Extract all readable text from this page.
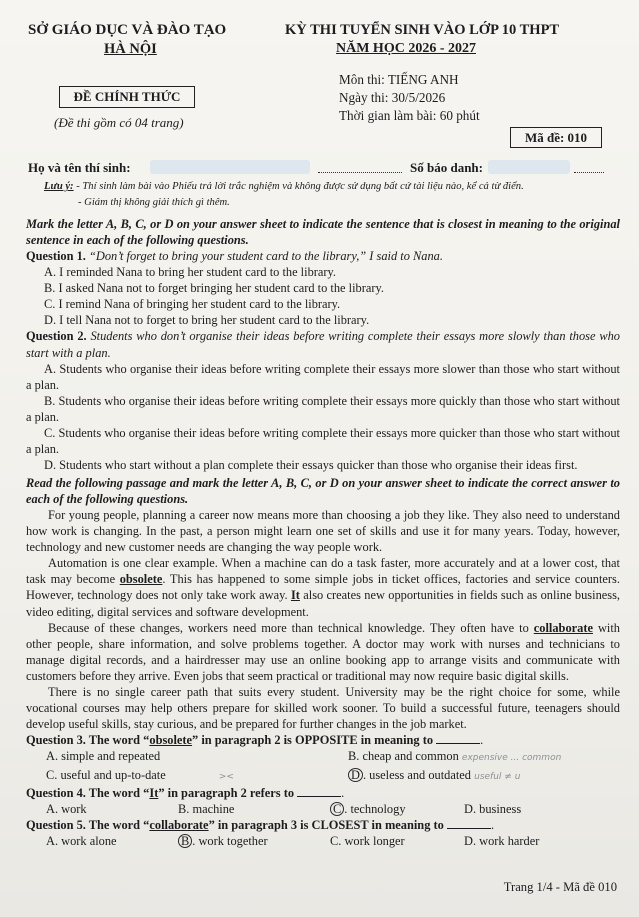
SỞ GIÁO DỤC VÀ ĐÀO TẠO
HÀ NỘI
KỲ THI TUYỂN SINH VÀO LỚP 10 THPT
NĂM HỌC 2026 - 2027
ĐỀ CHÍNH THỨC
(Đề thi gồm có 04 trang)
Môn thi: TIẾNG ANH
Ngày thi: 30/5/2026
Thời gian làm bài: 60 phút
Mã đề: 010
Họ và tên thí sinh:	Số báo danh:
Lưu ý: - Thí sinh làm bài vào Phiếu trả lời trắc nghiệm và không được sử dụng bất cứ tài liệu nào, kể cả từ điển.
- Giám thị không giải thích gì thêm.
Mark the letter A, B, C, or D on your answer sheet to indicate the sentence that is closest in meaning to the original sentence in each of the following questions.
Question 1. “Don’t forget to bring your student card to the library,” I said to Nana.
A. I reminded Nana to bring her student card to the library.
B. I asked Nana not to forget bringing her student card to the library.
C. I remind Nana of bringing her student card to the library.
D. I tell Nana not to forget to bring her student card to the library.
Question 2. Students who don’t organise their ideas before writing complete their essays more slowly than those who start with a plan.
A. Students who organise their ideas before writing complete their essays more slower than those who start without a plan.
B. Students who organise their ideas before writing complete their essays more quickly than those who start without a plan.
C. Students who organise their ideas before writing complete their essays more quicker than those who start without a plan.
D. Students who start without a plan complete their essays quicker than those who organise their ideas first.
Read the following passage and mark the letter A, B, C, or D on your answer sheet to indicate the correct answer to each of the following questions.

For young people, planning a career now means more than choosing a job they like. They also need to understand how work is changing. In the past, a person might learn one set of skills and use it for many years. Today, however, technology and new customer needs are changing the way people work.

Automation is one clear example. When a machine can do a task faster, more accurately and at a lower cost, that task may become obsolete. This has happened to some simple jobs in ticket offices, factories and service counters. However, technology does not only take work away. It also creates new opportunities in fields such as online business, video editing, digital services and software development.

Because of these changes, workers need more than technical knowledge. They often have to collaborate with other people, share information, and solve problems together. A doctor may work with nurses and technicians to manage digital records, and a hairdresser may use an online booking app to arrange visits and communicate with customers before they arrive. Even jobs that seem practical or traditional may now require basic digital skills.

There is no single career path that suits every student. University may be the right choice for some, while vocational courses may help others prepare for skilled work sooner. To build a successful future, teenagers should develop useful skills, stay curious, and be prepared for further changes in the job market.

Question 3. The word “obsolete” in paragraph 2 is OPPOSITE in meaning to	.
A. simple and repeated	B. cheap and common expensive ... common
C. useful and up-to-date	><	D . useless and outdated useful ≠ u
Question 4. The word “It” in paragraph 2 refers to	.
A. work	B. machine	C . technology	D. business
Question 5. The word “collaborate” in paragraph 3 is CLOSEST in meaning to	.
A. work alone	B . work together	C. work longer	D. work harder
Trang 1/4 - Mã đề 010
